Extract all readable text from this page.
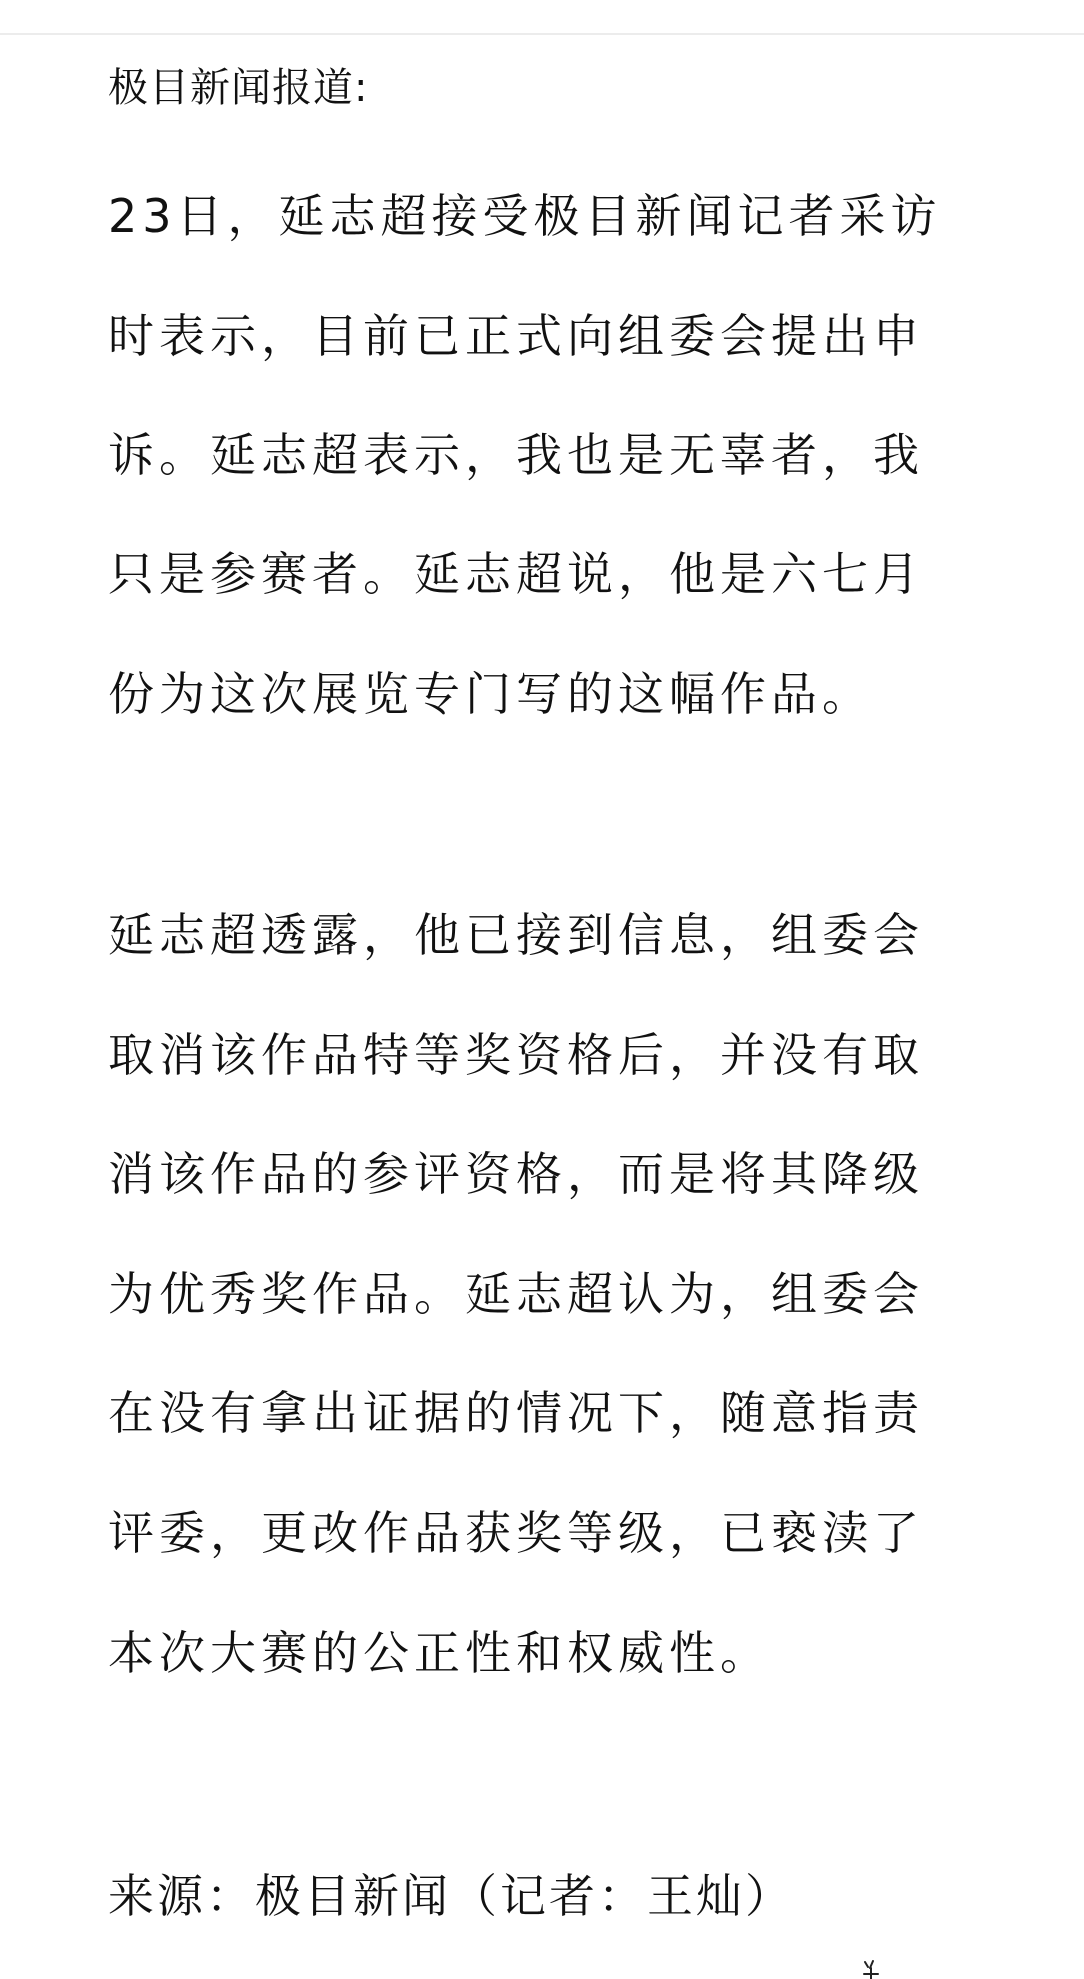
极目新闻报道:
23日，延志超接受极目新闻记者采访
时表示，目前已正式向组委会提出申
诉。延志超表示，我也是无辜者，我
只是参赛者。延志超说，他是六七月
份为这次展览专门写的这幅作品。
延志超透露，他已接到信息，组委会
取消该作品特等奖资格后，并没有取
消该作品的参评资格，而是将其降级
为优秀奖作品。延志超认为，组委会
在没有拿出证据的情况下，随意指责
评委，更改作品获奖等级，已亵渎了
本次大赛的公正性和权威性。
来源：极目新闻（记者：王灿）
